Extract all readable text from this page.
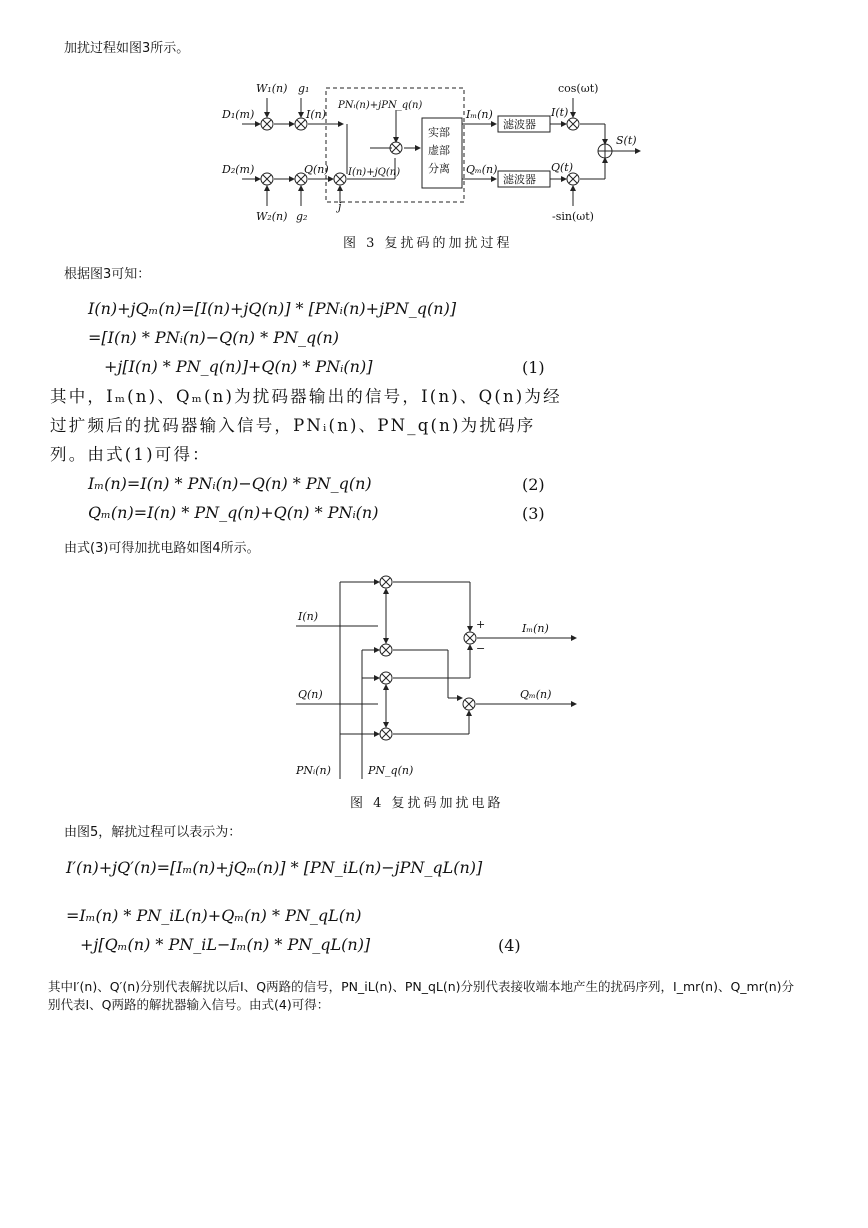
加扰过程如图3所示。
D₁(m)
D₂(m)
W₁(n)
W₂(n)
g₁
g₂
I(n)
Q(n)
j
PNᵢ(n)+jPN_q(n)
I(n)+jQ(n)
Iₘ(n)
Qₘ(n)
I(t)
Q(t)
cos(ωt)
-sin(ωt)
S(t)
实部
虚部
分离
滤波器
滤波器
图 3 复扰码的加扰过程
根据图3可知：
I(n)+jQₘ(n)=[I(n)+jQ(n)] * [PNᵢ(n)+jPN_q(n)]
=[I(n) * PNᵢ(n)−Q(n) * PN_q(n)
+j[I(n) * PN_q(n)]+Q(n) * PNᵢ(n)]	(1)
其中，Iₘ(n)、Qₘ(n)为扰码器输出的信号，I(n)、Q(n)为经
过扩频后的扰码器输入信号，PNᵢ(n)、PN_q(n)为扰码序
列。由式(1)可得：
Iₘ(n)=I(n) * PNᵢ(n)−Q(n) * PN_q(n)	(2)
Qₘ(n)=I(n) * PN_q(n)+Q(n) * PNᵢ(n)	(3)
由式(3)可得加扰电路如图4所示。
I(n)
Q(n)
PNᵢ(n)	PN_q(n)
Iₘ(n)
Qₘ(n)
+
−
图 4 复扰码加扰电路
由图5，解扰过程可以表示为：
I′(n)+jQ′(n)=[Iₘ(n)+jQₘ(n)] * [PN_iL(n)−jPN_qL(n)]
=Iₘ(n) * PN_iL(n)+Qₘ(n) * PN_qL(n)
+j[Qₘ(n) * PN_iL−Iₘ(n) * PN_qL(n)]	(4)
其中I′(n)、Q′(n)分别代表解扰以后I、Q两路的信号，PN_iL(n)、PN_qL(n)分别代表接收端本地产生的扰码序列，I_mr(n)、Q_mr(n)分
别代表I、Q两路的解扰器输入信号。由式(4)可得：
